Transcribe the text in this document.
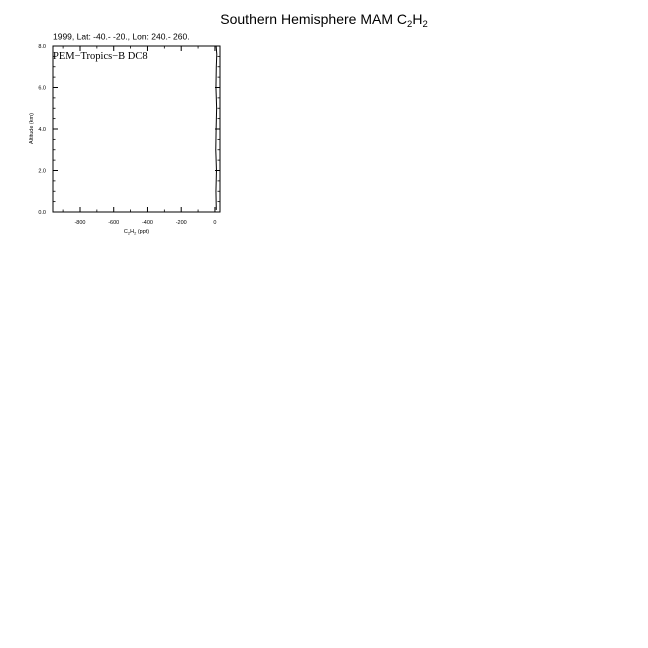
Southern Hemisphere MAM $C_2H_2$
1999, Lat: -40.- -20., Lon: 240.- 260.
-800	-600	-400	-200	0
0.0
2.0
4.0
6.0
8.0
PEM−Tropics−B DC8
$C_2H_2$ (ppt)
Altitude (km)
